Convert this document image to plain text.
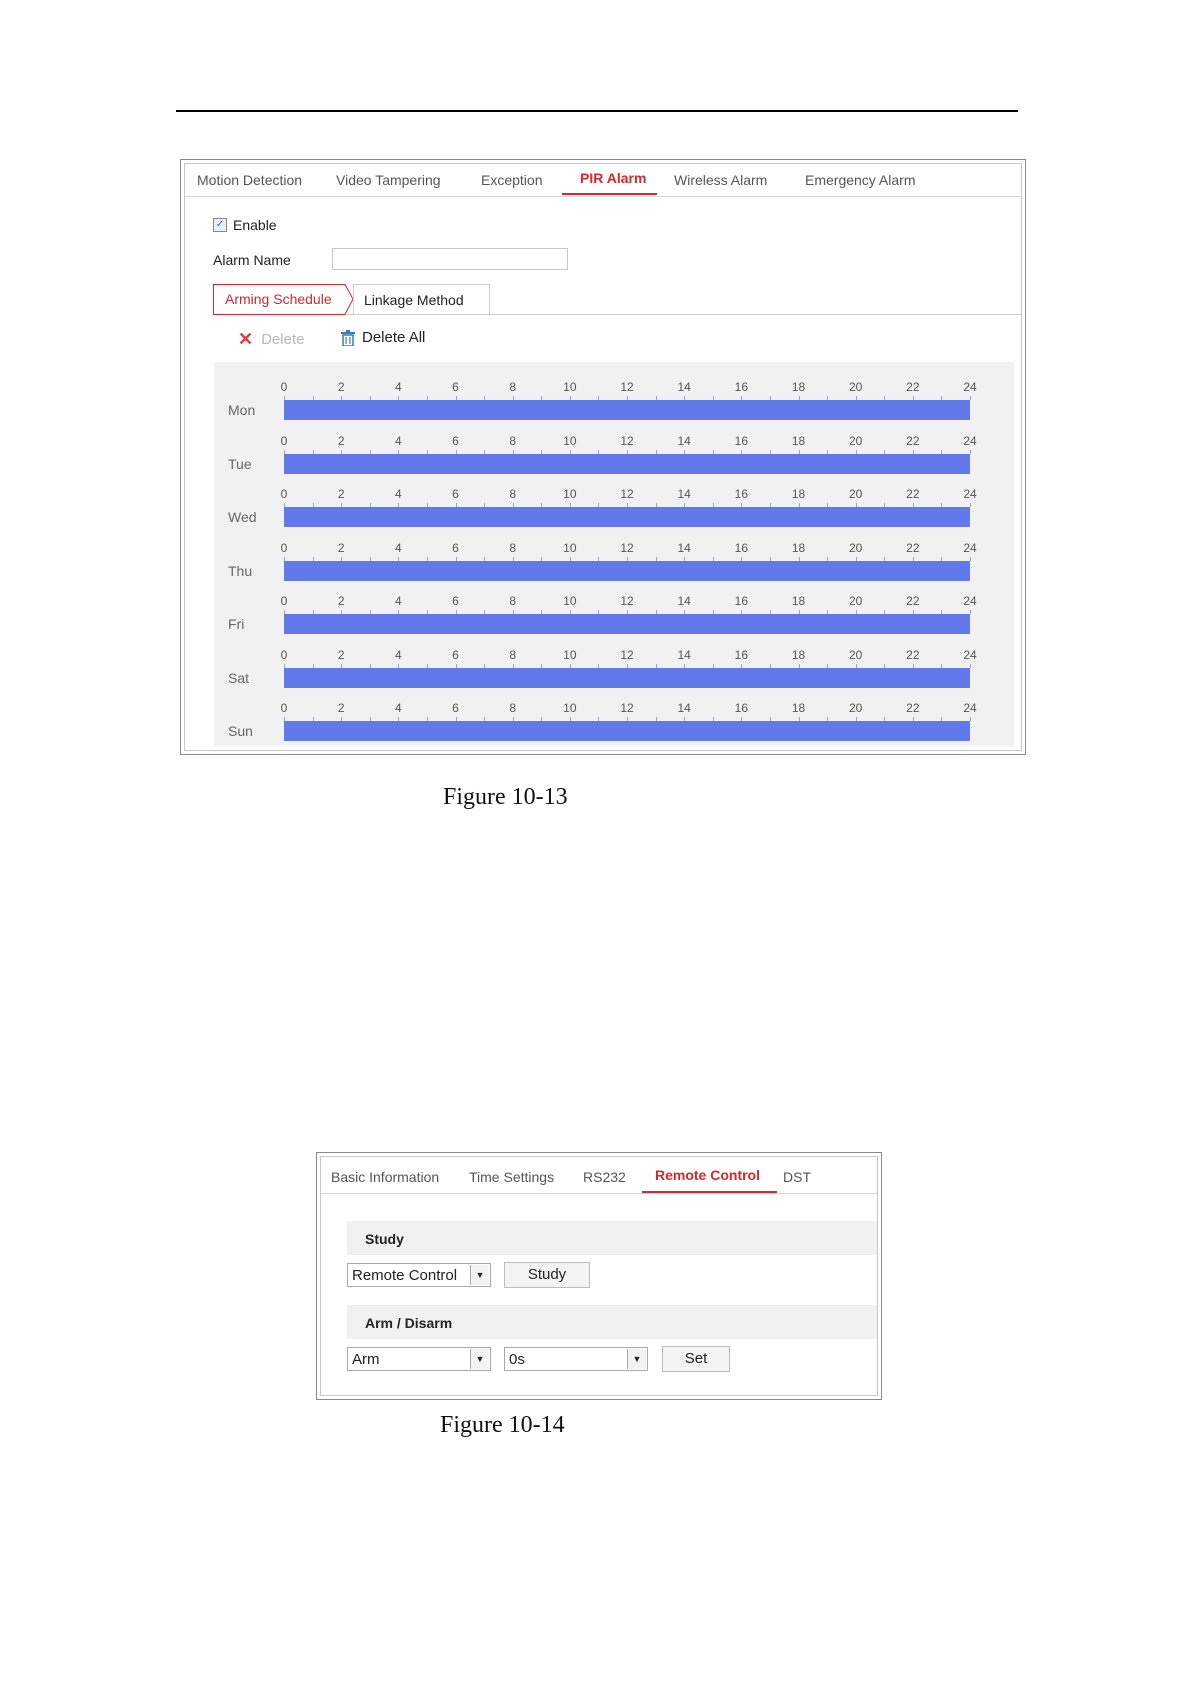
Motion Detection Video Tampering	Exception	PIR Alarm Wireless Alarm	Emergency Alarm
✓ Enable
Alarm Name
Arming Schedule Linkage Method
✕ Delete	Delete All
0	2	4	6	8	10	12	14	16	18	20	22	24
Mon
0	2	4	6	8	10	12	14	16	18	20	22	24
Tue
0	2	4	6	8	10	12	14	16	18	20	22	24
Wed
0	2	4	6	8	10	12	14	16	18	20	22	24
Thu
0	2	4	6	8	10	12	14	16	18	20	22	24
Fri
0	2	4	6	8	10	12	14	16	18	20	22	24
Sat
0	2	4	6	8	10	12	14	16	18	20	22	24
Sun
Figure 10-13
Basic Information Time Settings RS232 Remote Control DST
Study
Remote Control	▼	Study
Arm / Disarm
Arm	▼	0s	▼	Set
Figure 10-14
